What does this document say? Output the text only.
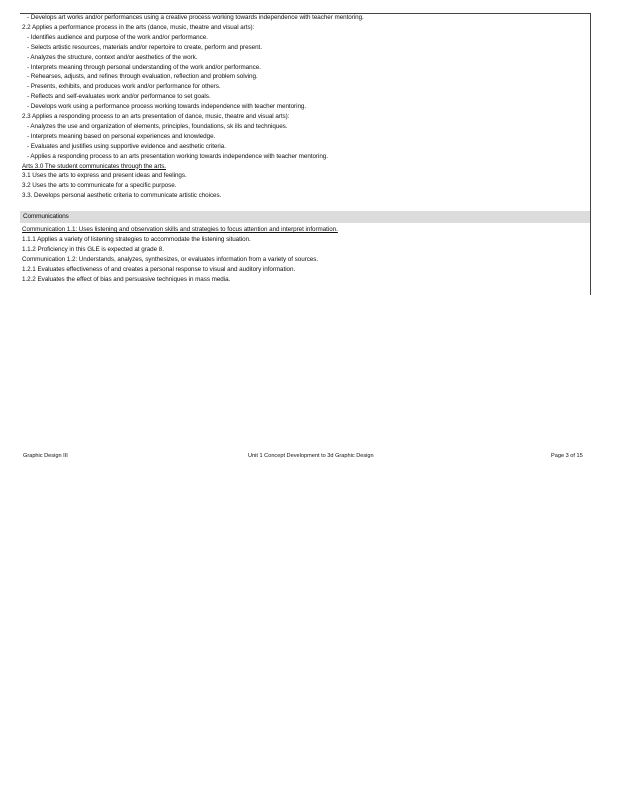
- Develops art works and/or performances using a creative process working towards independence with teacher mentoring.
2.2 Applies a performance process in the arts (dance, music, theatre and visual arts):
- Identifies audience and purpose of the work and/or performance.
- Selects artistic resources, materials and/or repertoire to create, perform and present.
- Analyzes the structure, context and/or aesthetics of the work.
- Interprets meaning through personal understanding of the work and/or performance.
- Rehearses, adjusts, and refines through evaluation, reflection and problem solving.
- Presents, exhibits, and produces work and/or performance for others.
- Reflects and self-evaluates work and/or performance to set goals.
- Develops work using a performance process working towards independence with teacher mentoring.
2.3 Applies a responding process to an arts presentation of dance, music, theatre and visual arts):
- Analyzes the use and organization of elements, principles, foundations, sk ills and techniques.
- Interprets meaning based on personal experiences and knowledge.
- Evaluates and justifies using supportive evidence and aesthetic criteria.
- Applies a responding process to an arts presentation working towards independence with teacher mentoring.
Arts 3.0 The student communicates through the arts.
3.1 Uses the arts to express and present ideas and feelings.
3.2 Uses the arts to communicate for a specific purpose.
3.3. Develops personal aesthetic criteria to communicate artistic choices.
Communications
Communication 1.1: Uses listening and observation skills and strategies to focus attention and interpret information.
1.1.1 Applies a variety of listening strategies to accommodate the listening situation.
1.1.2 Proficiency in this GLE is expected at grade 8.
Communication 1.2: Understands, analyzes, synthesizes, or evaluates information from a variety of sources.
1.2.1 Evaluates effectiveness of and creates a personal response to visual and auditory information.
1.2.2 Evaluates the effect of bias and persuasive techniques in mass media.
Graphic Design III	Unit 1 Concept Development to 3d Graphic Design	Page 3 of 15
